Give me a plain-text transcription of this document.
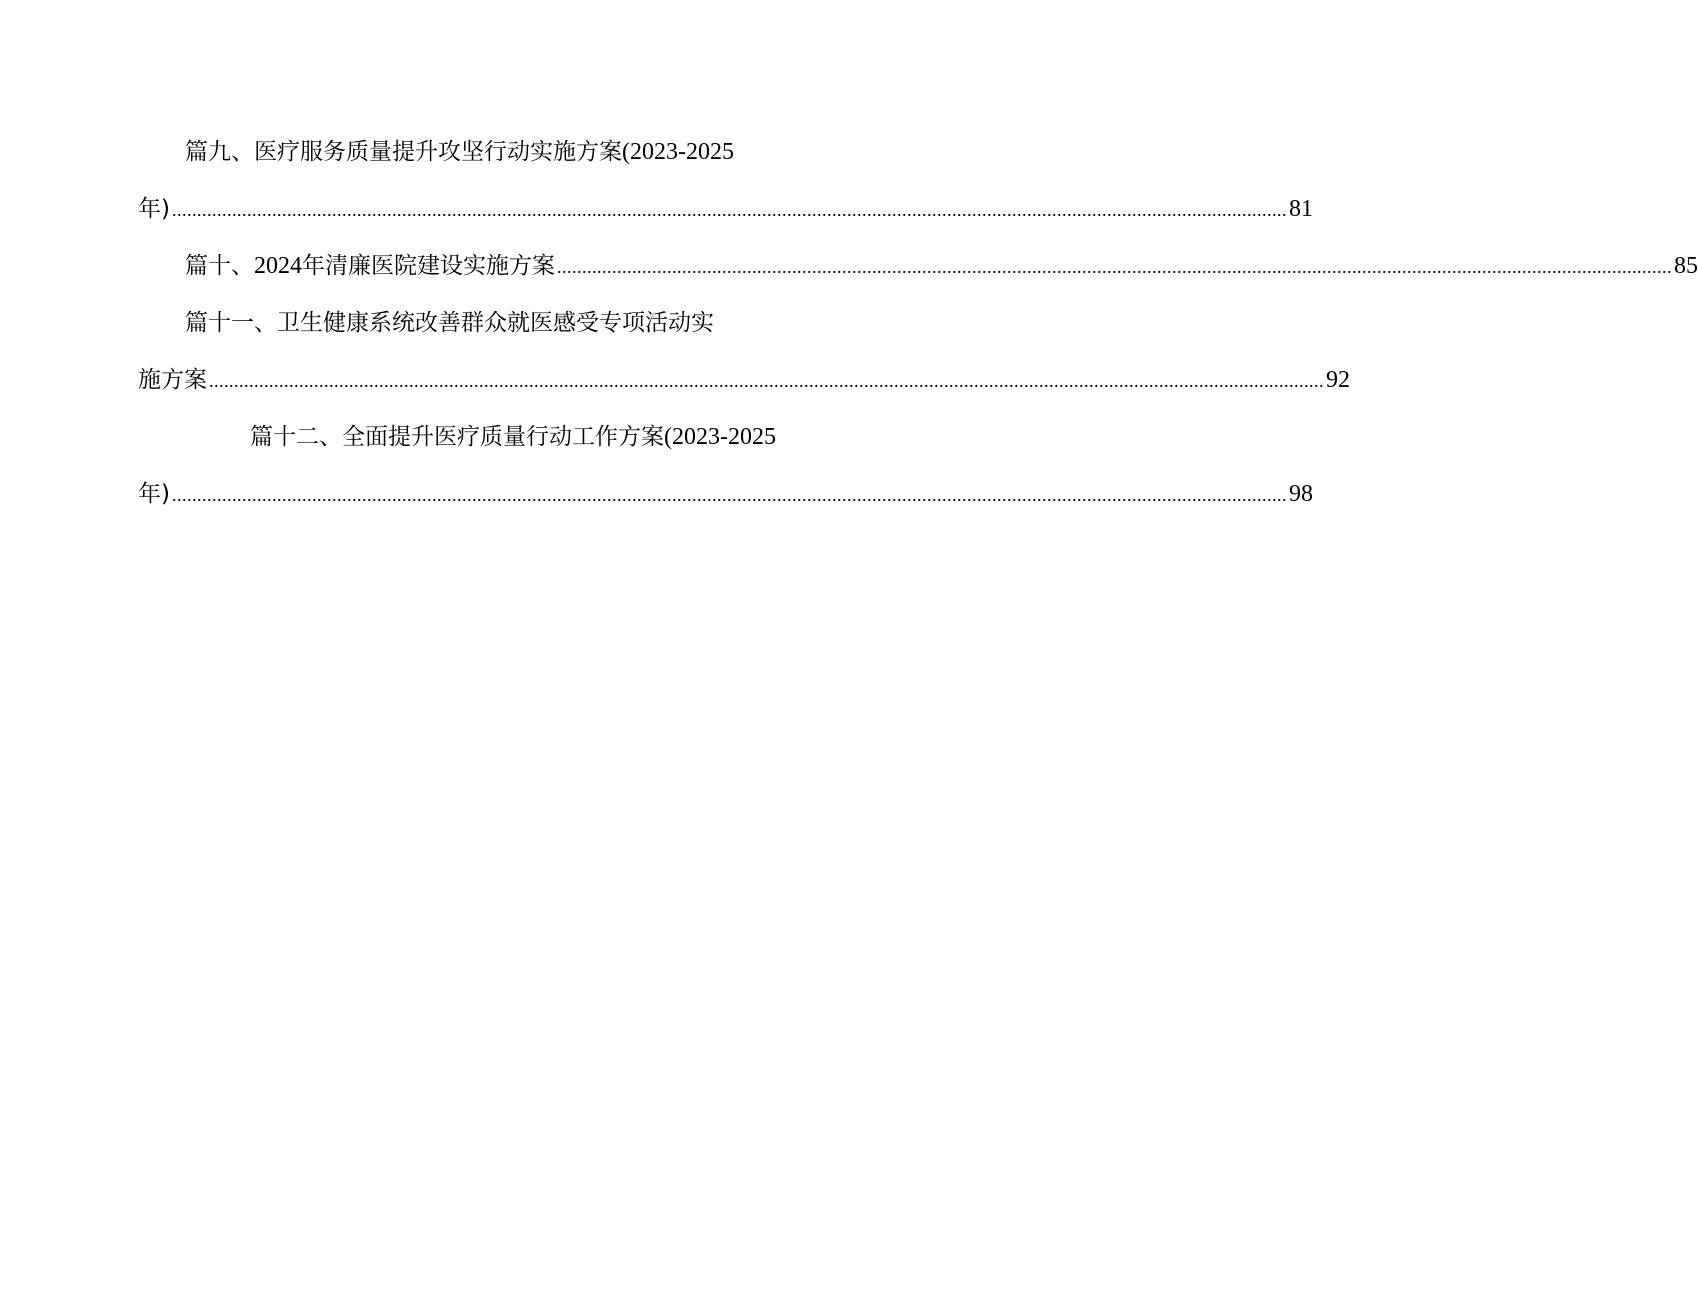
篇九、医疗服务质量提升攻坚行动实施方案 (2023-2025
年) ............................................................................................................................................................................................................................... 81
篇十、 2024 年清廉医院建设实施方案 ............................................................................................................................................................................................................................... 85
篇十一、卫生健康系统改善群众就医感受专项活动实
施方案 ............................................................................................................................................................................................................................... 92
篇十二、全面提升医疗质量行动工作方案 (2023-2025
年) ............................................................................................................................................................................................................................... 98
